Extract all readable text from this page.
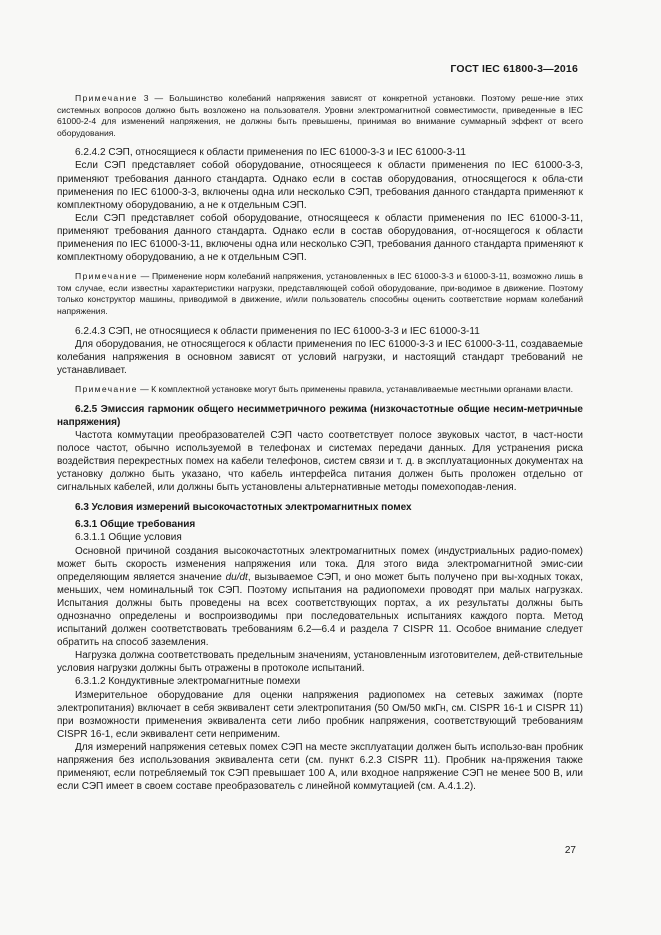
ГОСТ IEC 61800-3—2016

Примечание 3 — Большинство колебаний напряжения зависят от конкретной установки. Поэтому реше-ние этих системных вопросов должно быть возложено на пользователя. Уровни электромагнитной совместимости, приведенные в IEC 61000-2-4 для изменений напряжения, не должны быть превышены, принимая во внимание суммарный эффект от всего оборудования.

6.2.4.2 СЭП, относящиеся к области применения по IEC 61000-3-3 и IEC 61000-3-11

Если СЭП представляет собой оборудование, относящееся к области применения по IEC 61000-3-3, применяют требования данного стандарта. Однако если в состав оборудования, относящегося к обла-сти применения по IEC 61000-3-3, включены одна или несколько СЭП, требования данного стандарта применяют к комплектному оборудованию, а не к отдельным СЭП.

Если СЭП представляет собой оборудование, относящееся к области применения по IEC 61000-3-11, применяют требования данного стандарта. Однако если в состав оборудования, от-носящегося к области применения по IEC 61000-3-11, включены одна или несколько СЭП, требования данного стандарта применяют к комплектному оборудованию, а не к отдельным СЭП.

Примечание — Применение норм колебаний напряжения, установленных в IEC 61000-3-3 и 61000-3-11, возможно лишь в том случае, если известны характеристики нагрузки, представляющей собой оборудование, при-водимое в движение. Поэтому только конструктор машины, приводимой в движение, и/или пользователь способны оценить соответствие нормам колебаний напряжения.

6.2.4.3 СЭП, не относящиеся к области применения по IEC 61000-3-3 и IEC 61000-3-11

Для оборудования, не относящегося к области применения по IEC 61000-3-3 и IEC 61000-3-11, создаваемые колебания напряжения в основном зависят от условий нагрузки, и настоящий стандарт требований не устанавливает.

Примечание — К комплектной установке могут быть применены правила, устанавливаемые местными органами власти.

6.2.5 Эмиссия гармоник общего несимметричного режима (низкочастотные общие несим-метричные напряжения)

Частота коммутации преобразователей СЭП часто соответствует полосе звуковых частот, в част-ности полосе частот, обычно используемой в телефонах и системах передачи данных. Для устранения риска воздействия перекрестных помех на кабели телефонов, систем связи и т. д. в эксплуатационных документах на установку должно быть указано, что кабель интерфейса питания должен быть проложен отдельно от сигнальных кабелей, или должны быть установлены альтернативные методы помехоподав-ления.

6.3 Условия измерений высокочастотных электромагнитных помех

6.3.1 Общие требования

6.3.1.1 Общие условия

Основной причиной создания высокочастотных электромагнитных помех (индустриальных радио-помех) может быть скорость изменения напряжения или тока. Для этого вида электромагнитной эмис-сии определяющим является значение du/dt, вызываемое СЭП, и оно может быть получено при вы-ходных токах, меньших, чем номинальный ток СЭП. Поэтому испытания на радиопомехи проводят при малых нагрузках. Испытания должны быть проведены на всех соответствующих портах, а их результаты должны быть однозначно определены и воспроизводимы при последовательных испытаниях каждого порта. Метод испытаний должен соответствовать требованиям 6.2—6.4 и раздела 7 CISPR 11. Особое внимание следует обратить на способ заземления.

Нагрузка должна соответствовать предельным значениям, установленным изготовителем, дей-ствительные условия нагрузки должны быть отражены в протоколе испытаний.

6.3.1.2 Кондуктивные электромагнитные помехи

Измерительное оборудование для оценки напряжения радиопомех на сетевых зажимах (порте электропитания) включает в себя эквивалент сети электропитания (50 Ом/50 мкГн, см. CISPR 16-1 и CISPR 11) при возможности применения эквивалента сети либо пробник напряжения, соответствующий требованиям CISPR 16-1, если эквивалент сети неприменим.

Для измерений напряжения сетевых помех СЭП на месте эксплуатации должен быть использо-ван пробник напряжения без использования эквивалента сети (см. пункт 6.2.3 CISPR 11). Пробник на-пряжения также применяют, если потребляемый ток СЭП превышает 100 А, или входное напряжение СЭП не менее 500 В, или если СЭП имеет в своем составе преобразователь с линейной коммутацией (см. А.4.1.2).

27
